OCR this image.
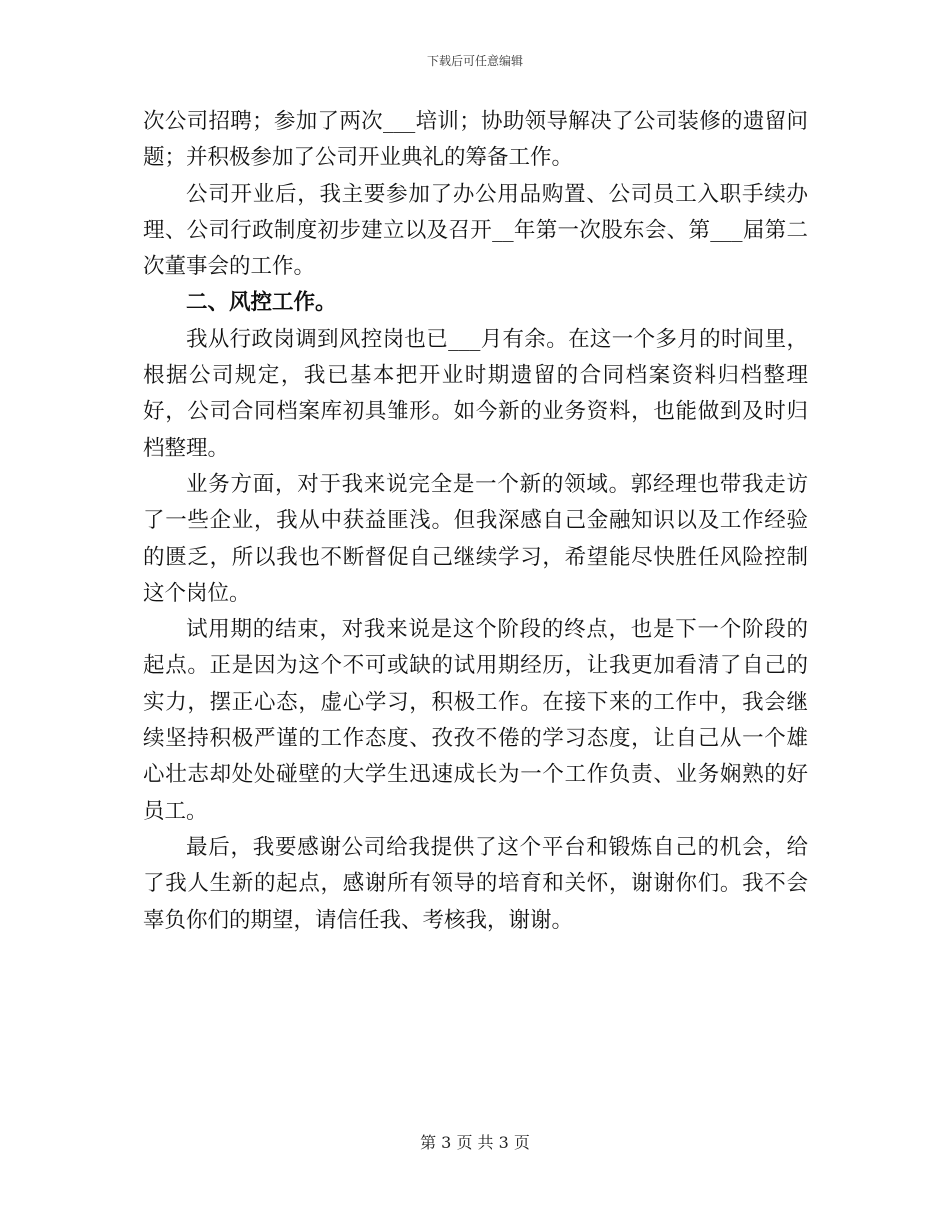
下载后可任意编辑

次公司招聘；参加了两次___培训；协助领导解决了公司装修的遗留问题；并积极参加了公司开业典礼的筹备工作。

公司开业后，我主要参加了办公用品购置、公司员工入职手续办理、公司行政制度初步建立以及召开__年第一次股东会、第___届第二次董事会的工作。

二、风控工作。

我从行政岗调到风控岗也已___月有余。在这一个多月的时间里，根据公司规定，我已基本把开业时期遗留的合同档案资料归档整理好，公司合同档案库初具雏形。如今新的业务资料，也能做到及时归档整理。

业务方面，对于我来说完全是一个新的领域。郭经理也带我走访了一些企业，我从中获益匪浅。但我深感自己金融知识以及工作经验的匮乏，所以我也不断督促自己继续学习，希望能尽快胜任风险控制这个岗位。

试用期的结束，对我来说是这个阶段的终点，也是下一个阶段的起点。正是因为这个不可或缺的试用期经历，让我更加看清了自己的实力，摆正心态，虚心学习，积极工作。在接下来的工作中，我会继续坚持积极严谨的工作态度、孜孜不倦的学习态度，让自己从一个雄心壮志却处处碰壁的大学生迅速成长为一个工作负责、业务娴熟的好员工。

最后，我要感谢公司给我提供了这个平台和锻炼自己的机会，给了我人生新的起点，感谢所有领导的培育和关怀，谢谢你们。我不会辜负你们的期望，请信任我、考核我，谢谢。

第 3 页 共 3 页
